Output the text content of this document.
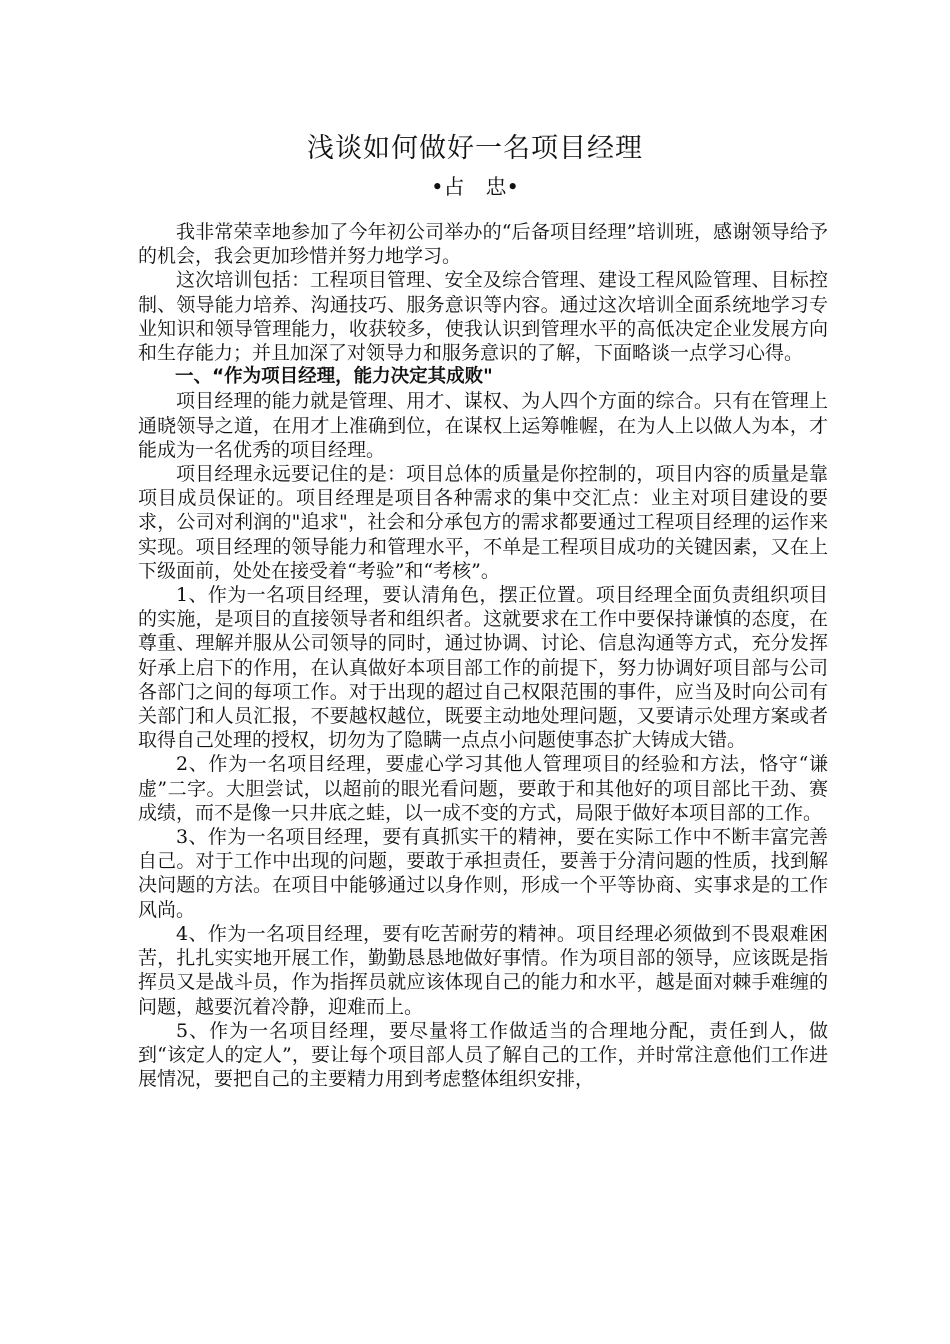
浅谈如何做好一名项目经理
•占　忠•

我非常荣幸地参加了今年初公司举办的“后备项目经理”培训班，感谢领导给予的机会，我会更加珍惜并努力地学习。

这次培训包括：工程项目管理、安全及综合管理、建设工程风险管理、目标控制、领导能力培养、沟通技巧、服务意识等内容。通过这次培训全面系统地学习专业知识和领导管理能力，收获较多，使我认识到管理水平的高低决定企业发展方向和生存能力；并且加深了对领导力和服务意识的了解，下面略谈一点学习心得。

一、“作为项目经理，能力决定其成败"

项目经理的能力就是管理、用才、谋权、为人四个方面的综合。只有在管理上通晓领导之道，在用才上准确到位，在谋权上运筹帷幄，在为人上以做人为本，才能成为一名优秀的项目经理。

项目经理永远要记住的是：项目总体的质量是你控制的，项目内容的质量是靠项目成员保证的。项目经理是项目各种需求的集中交汇点：业主对项目建设的要求，公司对利润的"追求"，社会和分承包方的需求都要通过工程项目经理的运作来实现。项目经理的领导能力和管理水平，不单是工程项目成功的关键因素，又在上下级面前，处处在接受着“考验”和“考核”。

1、作为一名项目经理，要认清角色，摆正位置。项目经理全面负责组织项目的实施，是项目的直接领导者和组织者。这就要求在工作中要保持谦慎的态度，在尊重、理解并服从公司领导的同时，通过协调、讨论、信息沟通等方式，充分发挥好承上启下的作用，在认真做好本项目部工作的前提下，努力协调好项目部与公司各部门之间的每项工作。对于出现的超过自己权限范围的事件，应当及时向公司有关部门和人员汇报，不要越权越位，既要主动地处理问题，又要请示处理方案或者取得自己处理的授权，切勿为了隐瞒一点点小问题使事态扩大铸成大错。

2、作为一名项目经理，要虚心学习其他人管理项目的经验和方法，恪守“谦虚”二字。大胆尝试，以超前的眼光看问题，要敢于和其他好的项目部比干劲、赛成绩，而不是像一只井底之蛙，以一成不变的方式，局限于做好本项目部的工作。

3、作为一名项目经理，要有真抓实干的精神，要在实际工作中不断丰富完善自己。对于工作中出现的问题，要敢于承担责任，要善于分清问题的性质，找到解决问题的方法。在项目中能够通过以身作则，形成一个平等协商、实事求是的工作风尚。

4、作为一名项目经理，要有吃苦耐劳的精神。项目经理必须做到不畏艰难困苦，扎扎实实地开展工作，勤勤恳恳地做好事情。作为项目部的领导，应该既是指挥员又是战斗员，作为指挥员就应该体现自己的能力和水平，越是面对棘手难缠的问题，越要沉着冷静，迎难而上。

5、作为一名项目经理，要尽量将工作做适当的合理地分配，责任到人，做到“该定人的定人”，要让每个项目部人员了解自己的工作，并时常注意他们工作进展情况，要把自己的主要精力用到考虑整体组织安排，
